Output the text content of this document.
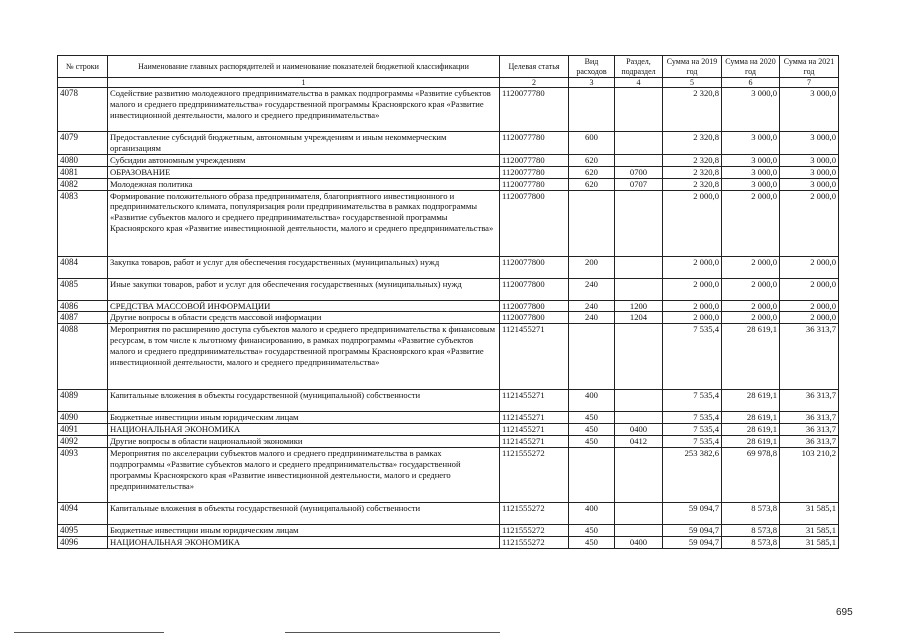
№ строки	Наименование главных распорядителей и наименование показателей бюджетной классификации	Целевая статья	Вид расходов	Раздел, подраздел	Сумма на 2019 год	Сумма на 2020 год	Сумма на 2021 год
	1	2	3	4	5	6	7
4078	Содействие развитию молодежного предпринимательства в рамках подпрограммы «Развитие субъектов малого и среднего предпринимательства» государственной программы Красноярского края «Развитие инвестиционной деятельности, малого и среднего предпринимательства»	1120077780			2 320,8	3 000,0	3 000,0
4079	Предоставление субсидий бюджетным, автономным учреждениям и иным некоммерческим организациям	1120077780	600		2 320,8	3 000,0	3 000,0
4080	Субсидии автономным учреждениям	1120077780	620		2 320,8	3 000,0	3 000,0
4081	ОБРАЗОВАНИЕ	1120077780	620	0700	2 320,8	3 000,0	3 000,0
4082	Молодежная политика	1120077780	620	0707	2 320,8	3 000,0	3 000,0
4083	Формирование положительного образа предпринимателя, благоприятного инвестиционного и предпринимательского климата, популяризация роли предпринимательства в рамках подпрограммы «Развитие субъектов малого и среднего предпринимательства» государственной программы Красноярского края «Развитие инвестиционной деятельности, малого и среднего предпринимательства»	1120077800			2 000,0	2 000,0	2 000,0
4084	Закупка товаров, работ и услуг для обеспечения государственных (муниципальных) нужд	1120077800	200		2 000,0	2 000,0	2 000,0
4085	Иные закупки товаров, работ и услуг для обеспечения государственных (муниципальных) нужд	1120077800	240		2 000,0	2 000,0	2 000,0
4086	СРЕДСТВА МАССОВОЙ ИНФОРМАЦИИ	1120077800	240	1200	2 000,0	2 000,0	2 000,0
4087	Другие вопросы в области средств массовой информации	1120077800	240	1204	2 000,0	2 000,0	2 000,0
4088	Мероприятия по расширению доступа субъектов малого и среднего предпринимательства к финансовым ресурсам, в том числе к льготному финансированию, в рамках подпрограммы «Развитие субъектов малого и среднего предпринимательства» государственной программы Красноярского края «Развитие инвестиционной деятельности, малого и среднего предпринимательства»	1121455271			7 535,4	28 619,1	36 313,7
4089	Капитальные вложения в объекты государственной (муниципальной) собственности	1121455271	400		7 535,4	28 619,1	36 313,7
4090	Бюджетные инвестиции иным юридическим лицам	1121455271	450		7 535,4	28 619,1	36 313,7
4091	НАЦИОНАЛЬНАЯ ЭКОНОМИКА	1121455271	450	0400	7 535,4	28 619,1	36 313,7
4092	Другие вопросы в области национальной экономики	1121455271	450	0412	7 535,4	28 619,1	36 313,7
4093	Мероприятия по акселерации субъектов малого и среднего предпринимательства в рамках подпрограммы «Развитие субъектов малого и среднего предпринимательства» государственной программы Красноярского края «Развитие инвестиционной деятельности, малого и среднего предпринимательства»	1121555272			253 382,6	69 978,8	103 210,2
4094	Капитальные вложения в объекты государственной (муниципальной) собственности	1121555272	400		59 094,7	8 573,8	31 585,1
4095	Бюджетные инвестиции иным юридическим лицам	1121555272	450		59 094,7	8 573,8	31 585,1
4096	НАЦИОНАЛЬНАЯ ЭКОНОМИКА	1121555272	450	0400	59 094,7	8 573,8	31 585,1
695
